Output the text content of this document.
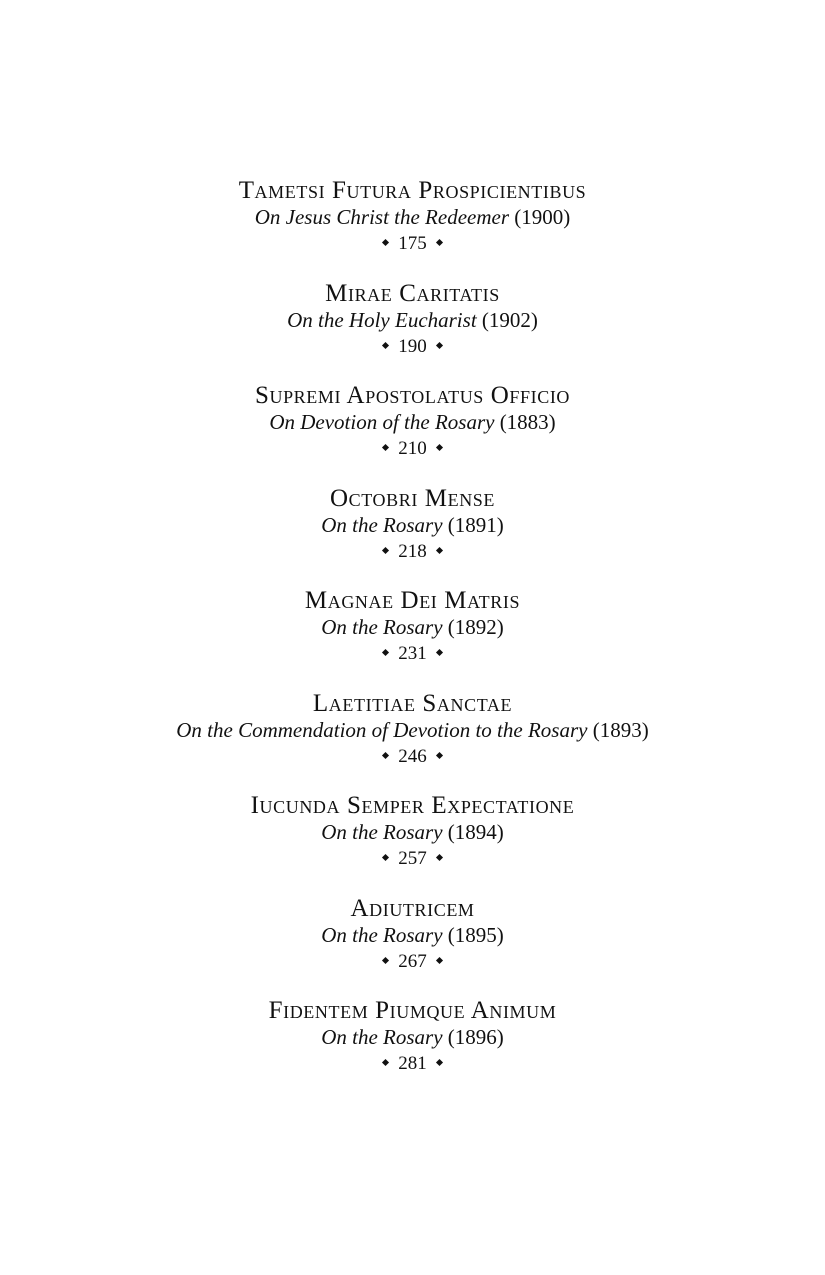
Tametsi Futura Prospicientibus
On Jesus Christ the Redeemer (1900)
175
Mirae Caritatis
On the Holy Eucharist (1902)
190
Supremi Apostolatus Officio
On Devotion of the Rosary (1883)
210
Octobri Mense
On the Rosary (1891)
218
Magnae Dei Matris
On the Rosary (1892)
231
Laetitiae Sanctae
On the Commendation of Devotion to the Rosary (1893)
246
Iucunda Semper Expectatione
On the Rosary (1894)
257
Adiutricem
On the Rosary (1895)
267
Fidentem Piumque Animum
On the Rosary (1896)
281
